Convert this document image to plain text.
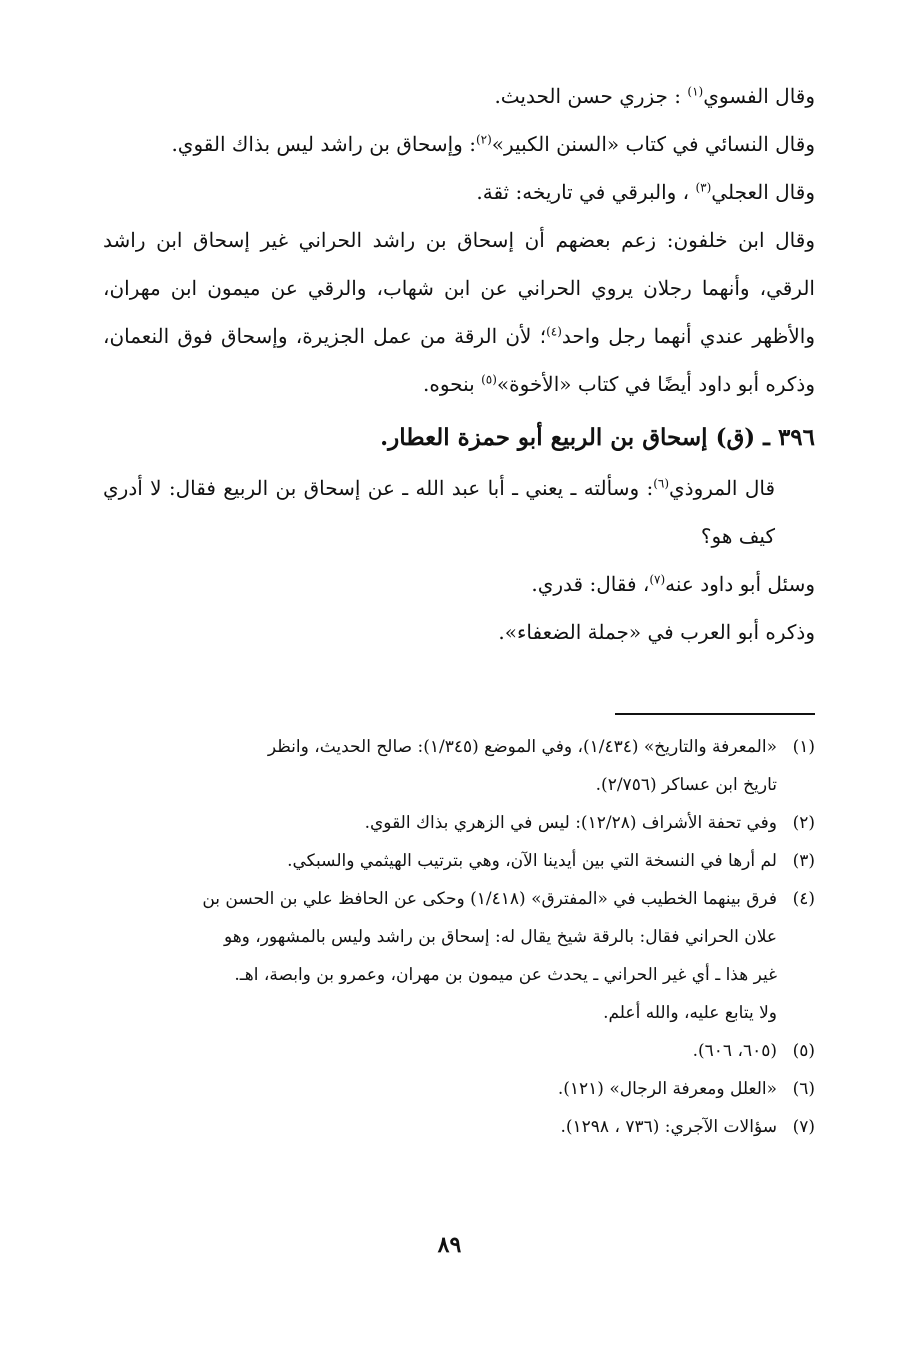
وقال الفسوي$^{(١)}$ : جزري حسن الحديث.

وقال النسائي في كتاب «السنن الكبير»$^{(٢)}$: وإسحاق بن راشد ليس بذاك القوي.

وقال العجلي$^{(٣)}$ ، والبرقي في تاريخه: ثقة.

وقال ابن خلفون: زعم بعضهم أن إسحاق بن راشد الحراني غير إسحاق ابن راشد الرقي، وأنهما رجلان يروي الحراني عن ابن شهاب، والرقي عن ميمون ابن مهران، والأظهر عندي أنهما رجل واحد$^{(٤)}$؛ لأن الرقة من عمل الجزيرة، وإسحاق فوق النعمان، وذكره أبو داود أيضًا في كتاب «الأخوة»$^{(٥)}$ بنحوه.

٣٩٦ ـ (ق) إسحاق بن الربيع أبو حمزة العطار.

قال المروذي$^{(٦)}$: وسألته ـ يعني ـ أبا عبد الله ـ عن إسحاق بن الربيع فقال: لا أدري كيف هو؟

وسئل أبو داود عنه$^{(٧)}$، فقال: قدري.

وذكره أبو العرب في «جملة الضعفاء».

(١)
«المعرفة والتاريخ» (١/٤٣٤)، وفي الموضع (١/٣٤٥): صالح الحديث، وانظر
تاريخ ابن عساكر (٢/٧٥٦).
(٢)
وفي تحفة الأشراف (١٢/٢٨): ليس في الزهري بذاك القوي.
(٣)
لم أرها في النسخة التي بين أيدينا الآن، وهي بترتيب الهيثمي والسبكي.
(٤)
فرق بينهما الخطيب في «المفترق» (١/٤١٨) وحكى عن الحافظ علي بن الحسن بن
علان الحراني فقال: بالرقة شيخ يقال له: إسحاق بن راشد وليس بالمشهور، وهو
غير هذا ـ أي غير الحراني ـ يحدث عن ميمون بن مهران، وعمرو بن وابصة، اهـ.
ولا يتابع عليه، والله أعلم.
(٥)
(٦٠٥، ٦٠٦).
(٦)
«العلل ومعرفة الرجال» (١٢١).
(٧)
سؤالات الآجري: (٧٣٦ ، ١٢٩٨).
٨٩
